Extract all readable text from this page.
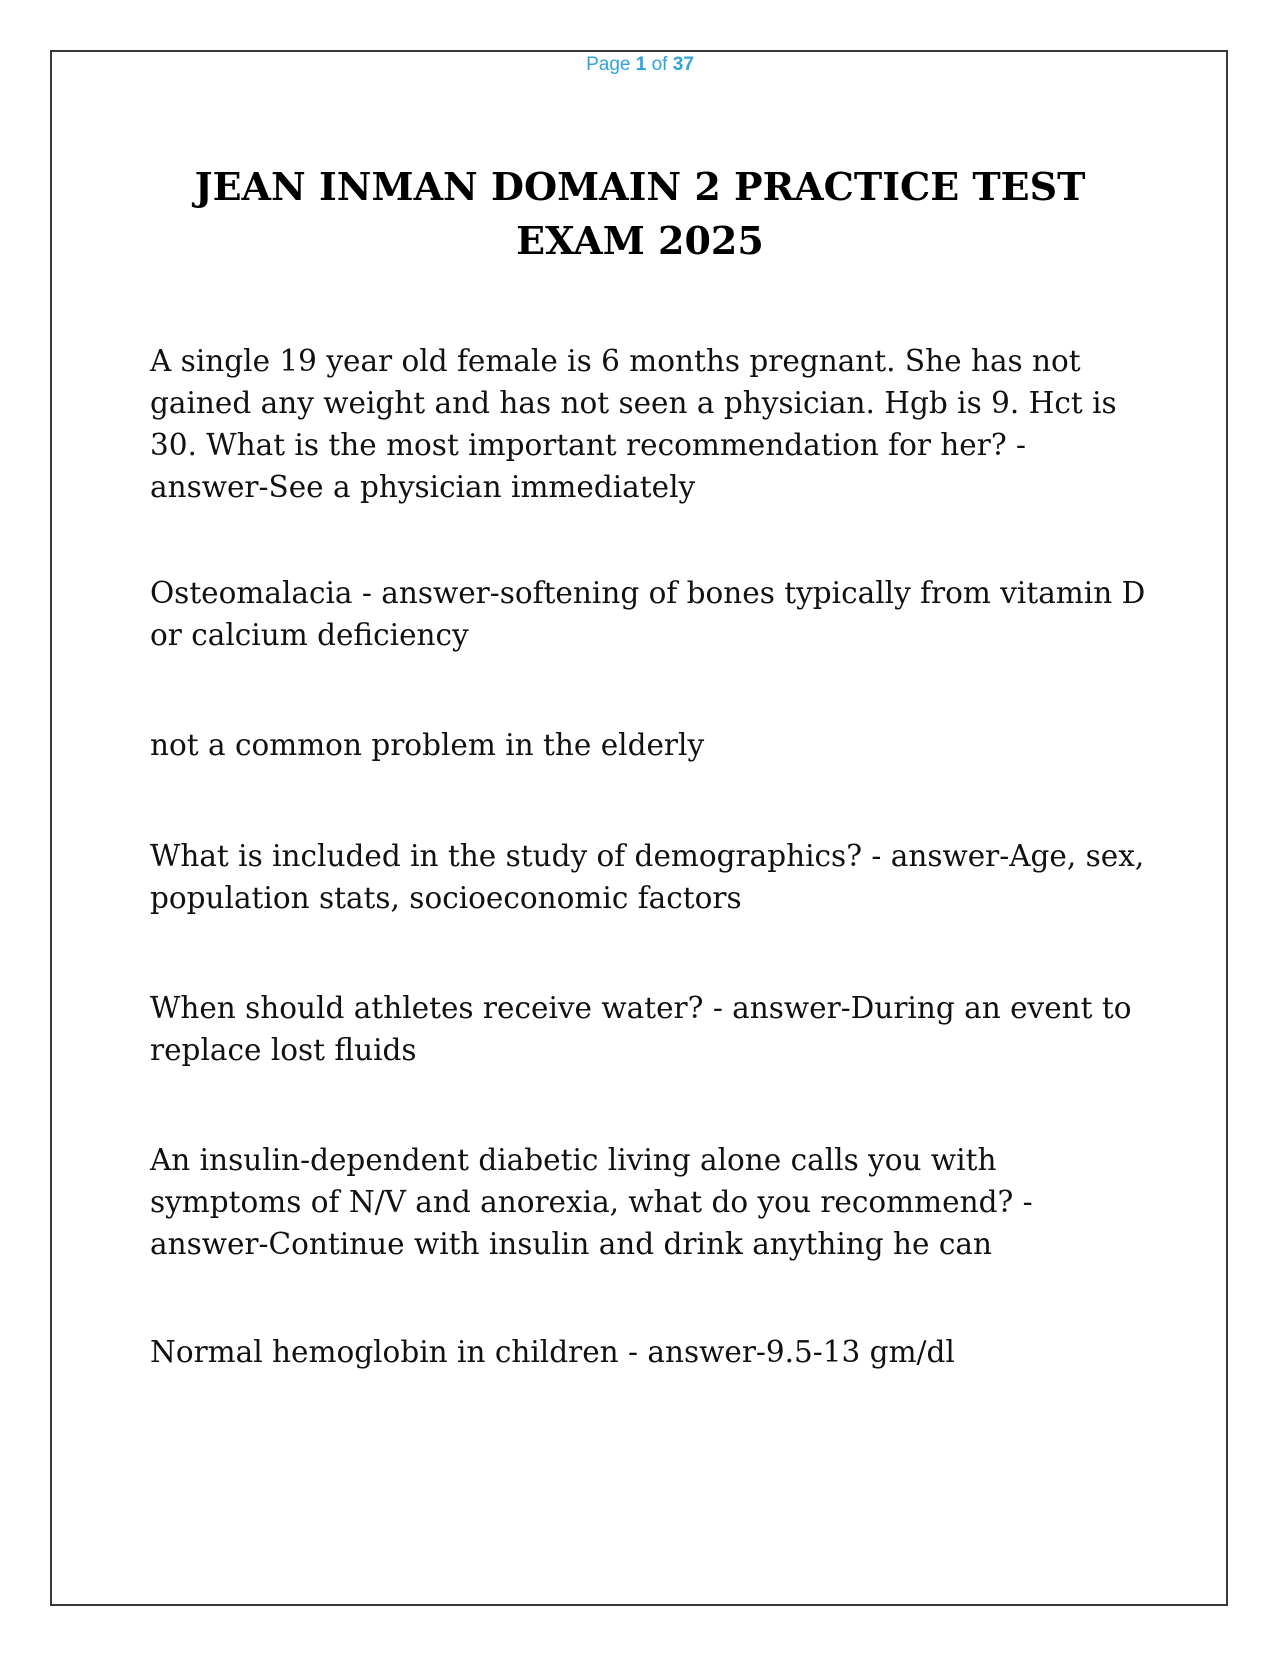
Page 1 of 37
JEAN INMAN DOMAIN 2 PRACTICE TEST
EXAM 2025
A single 19 year old female is 6 months pregnant. She has not gained any weight and has not seen a physician. Hgb is 9. Hct is 30. What is the most important recommendation for her? - answer-See a physician immediately
Osteomalacia - answer-softening of bones typically from vitamin D or calcium deficiency
not a common problem in the elderly
What is included in the study of demographics? - answer-Age, sex, population stats, socioeconomic factors
When should athletes receive water? - answer-During an event to replace lost fluids
An insulin-dependent diabetic living alone calls you with symptoms of N/V and anorexia, what do you recommend? - answer-Continue with insulin and drink anything he can
Normal hemoglobin in children - answer-9.5-13 gm/dl
